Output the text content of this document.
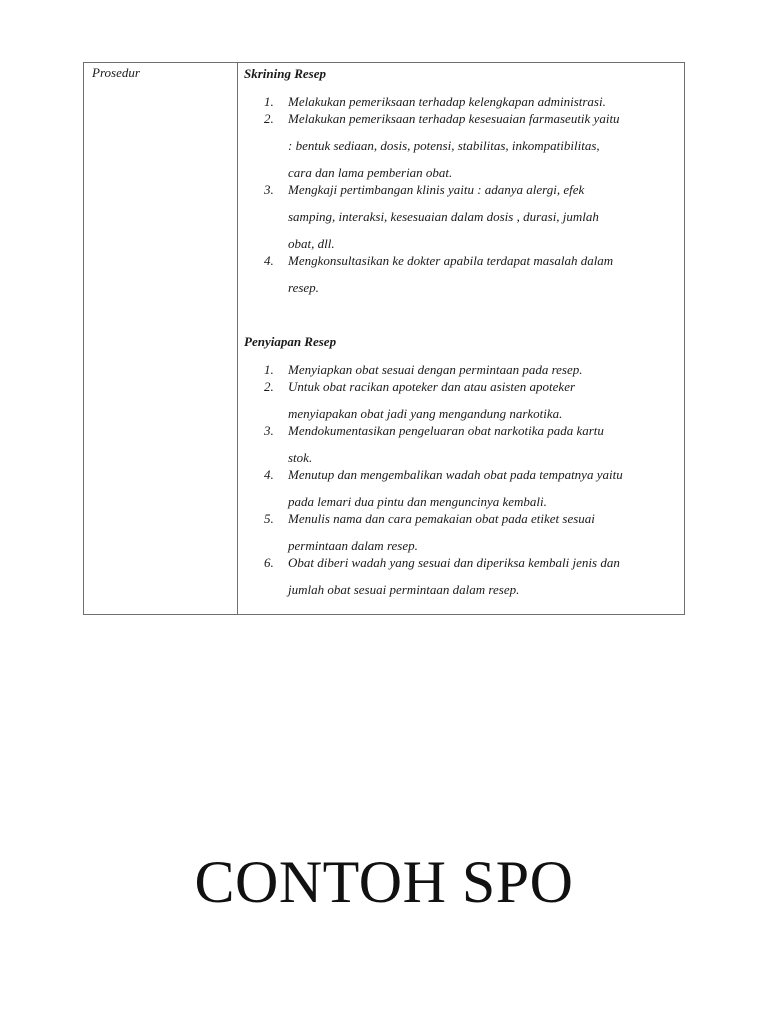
Prosedur	Skrining Resep
1.	Melakukan pemeriksaan terhadap kelengkapan administrasi.
2.	Melakukan pemeriksaan terhadap kesesuaian farmaseutik yaitu
: bentuk sediaan, dosis, potensi, stabilitas, inkompatibilitas,
cara dan lama pemberian obat.
3.	Mengkaji pertimbangan klinis yaitu : adanya alergi, efek
samping, interaksi, kesesuaian dalam dosis , durasi, jumlah
obat, dll.
4.	Mengkonsultasikan ke dokter apabila terdapat masalah dalam
resep.
Penyiapan Resep
1.	Menyiapkan obat sesuai dengan permintaan pada resep.
2.	Untuk obat racikan apoteker dan atau asisten apoteker
menyiapakan obat jadi yang mengandung narkotika.
3.	Mendokumentasikan pengeluaran obat narkotika pada kartu
stok.
4.	Menutup dan mengembalikan wadah obat pada tempatnya yaitu
pada lemari dua pintu dan menguncinya kembali.
5.	Menulis nama dan cara pemakaian obat pada etiket sesuai
permintaan dalam resep.
6.	Obat diberi wadah yang sesuai dan diperiksa kembali jenis dan
jumlah obat sesuai permintaan dalam resep.
CONTOH SPO
